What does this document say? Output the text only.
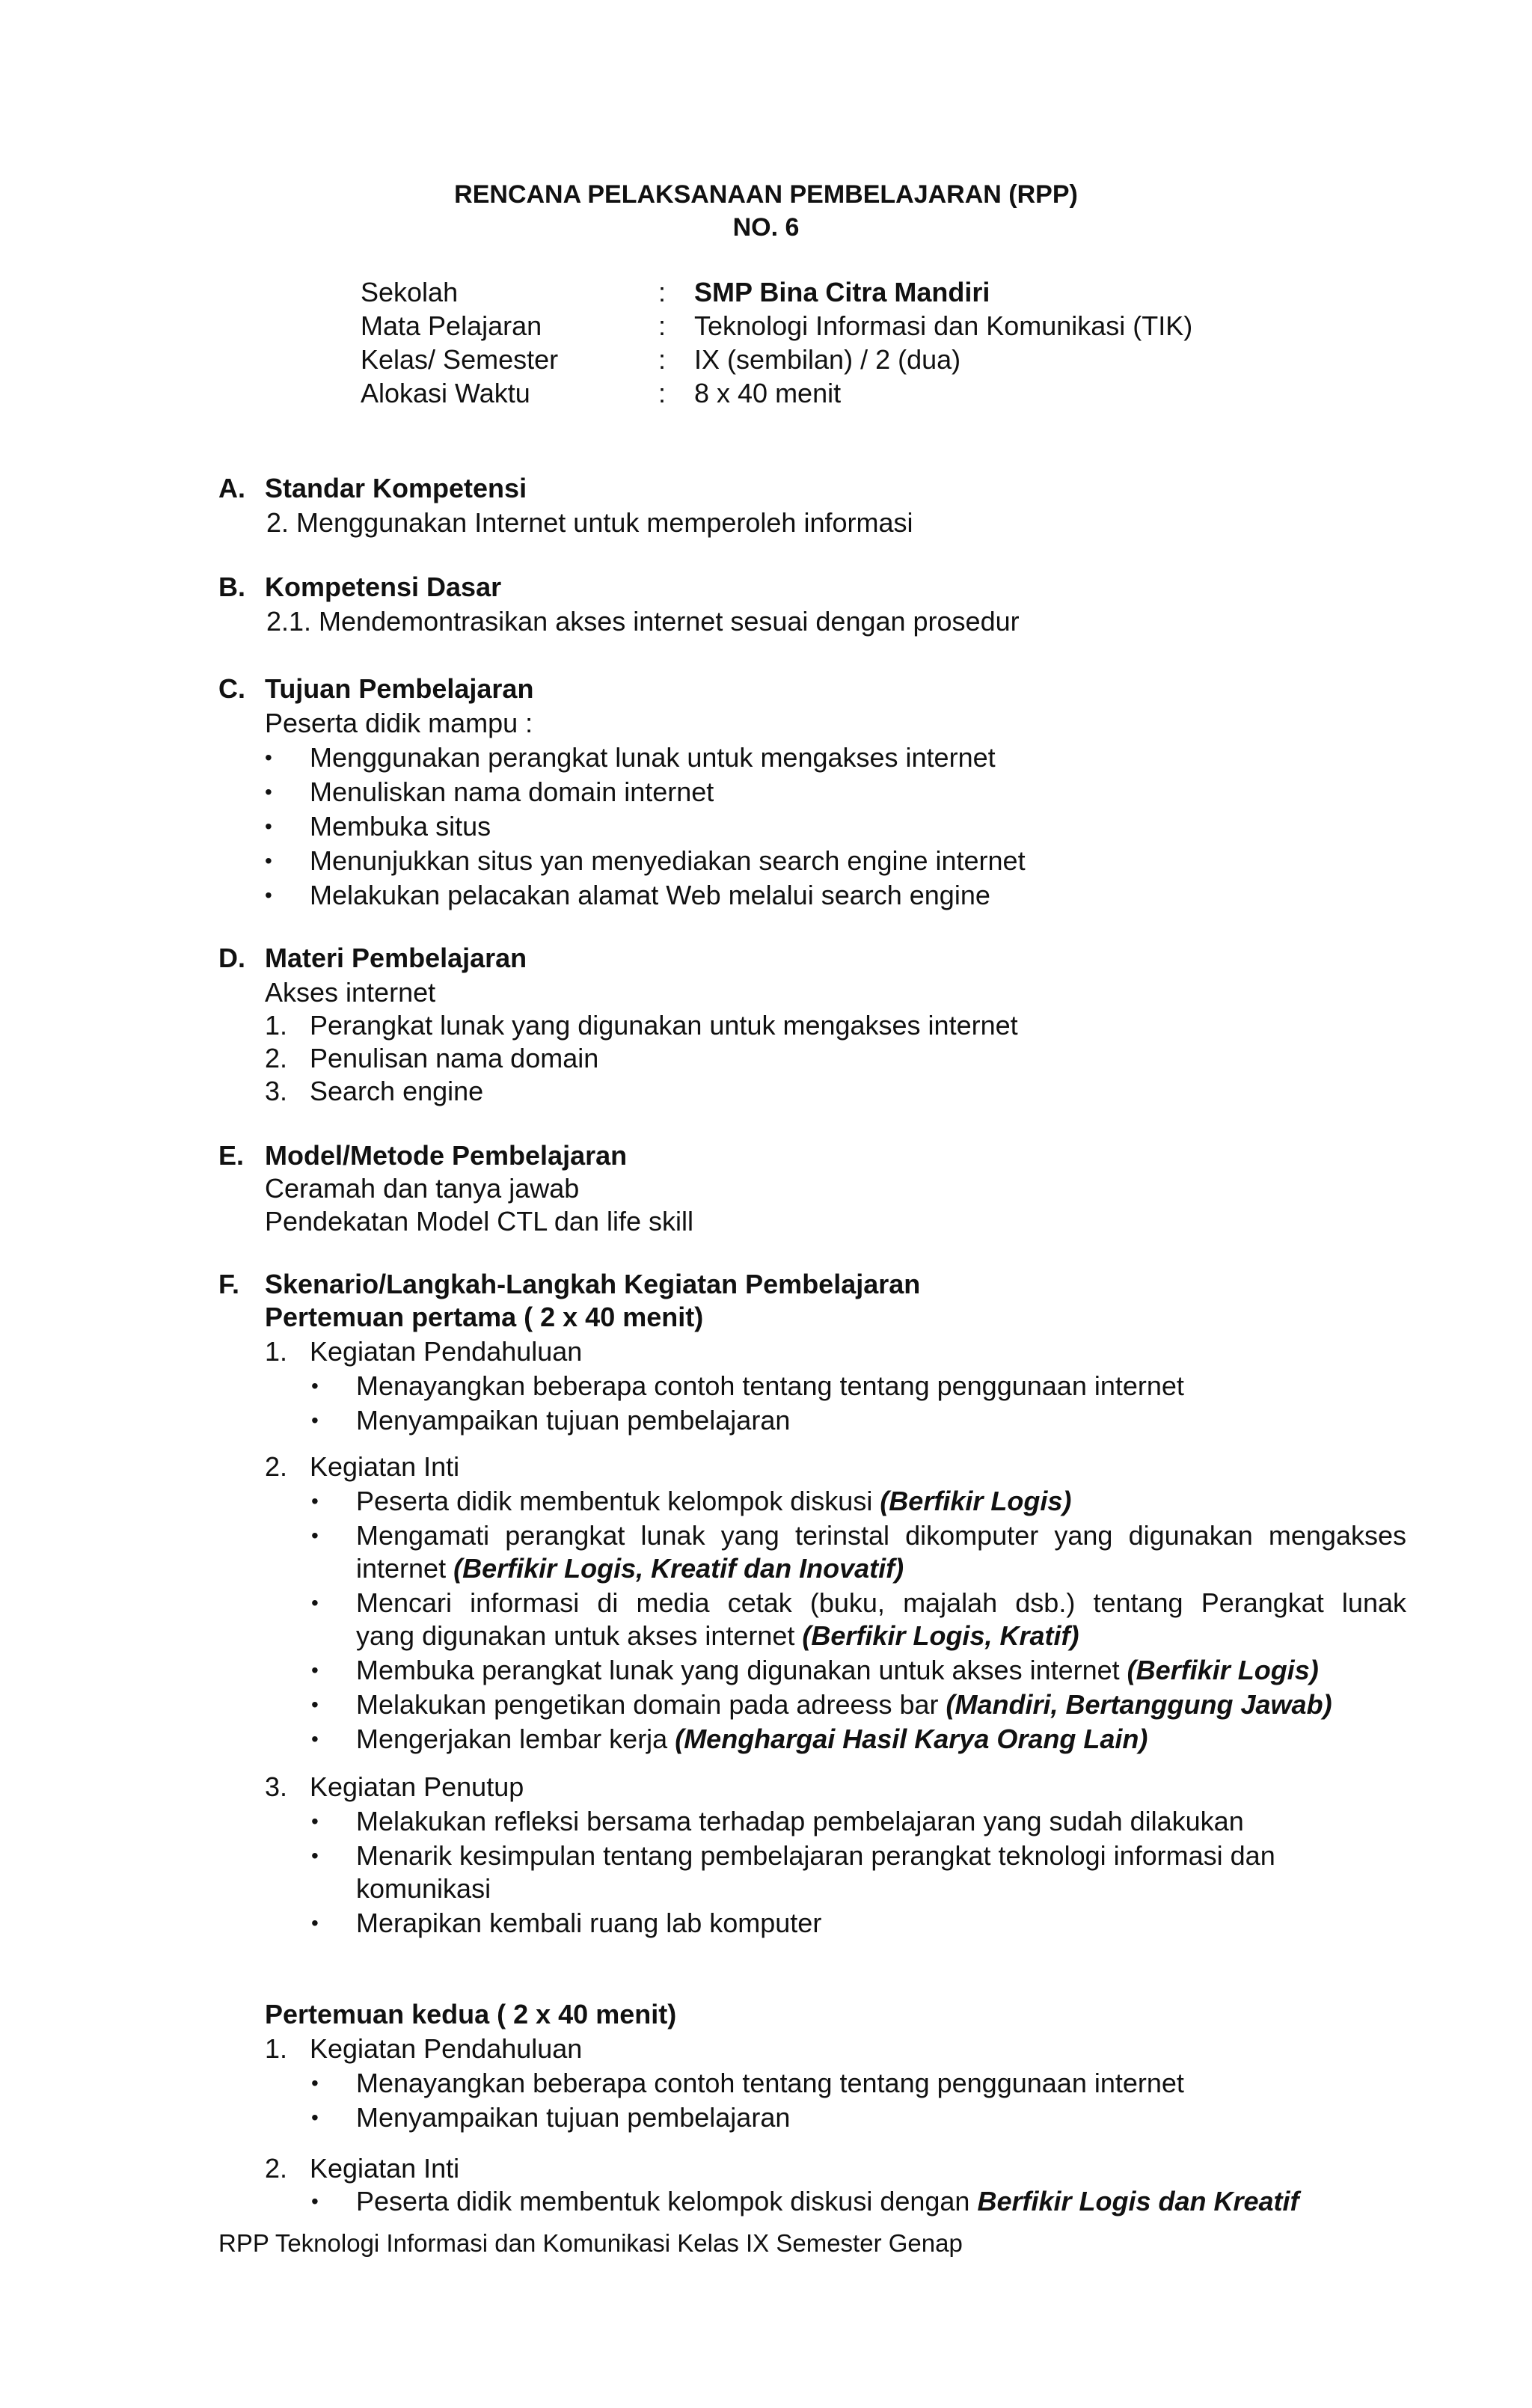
RENCANA PELAKSANAAN PEMBELAJARAN (RPP)
NO. 6
Sekolah	:	SMP Bina Citra Mandiri
Mata Pelajaran	:	Teknologi Informasi dan Komunikasi (TIK)
Kelas/ Semester	:	IX (sembilan) / 2 (dua)
Alokasi Waktu	:	8 x 40 menit
A. Standar Kompetensi
2. Menggunakan Internet untuk memperoleh informasi
B. Kompetensi Dasar
2.1. Mendemontrasikan akses internet sesuai dengan prosedur
C. Tujuan Pembelajaran
Peserta didik mampu :
• Menggunakan perangkat lunak untuk mengakses internet
• Menuliskan nama domain internet
• Membuka situs
• Menunjukkan situs yan menyediakan search engine internet
• Melakukan pelacakan alamat Web melalui search engine
D. Materi Pembelajaran
Akses internet
1. Perangkat lunak yang digunakan untuk mengakses internet
2. Penulisan nama domain
3. Search engine
E. Model/Metode Pembelajaran
Ceramah dan tanya jawab
Pendekatan Model CTL dan life skill
F. Skenario/Langkah-Langkah Kegiatan Pembelajaran
Pertemuan pertama ( 2 x 40 menit)
1. Kegiatan Pendahuluan
• Menayangkan beberapa contoh tentang tentang penggunaan internet
• Menyampaikan tujuan pembelajaran
2. Kegiatan Inti
• Peserta didik membentuk kelompok diskusi (Berfikir Logis)
• Mengamati perangkat lunak yang terinstal dikomputer yang digunakan mengakses
internet (Berfikir Logis, Kreatif dan Inovatif)
• Mencari informasi di media cetak (buku, majalah dsb.) tentang Perangkat lunak
yang digunakan untuk akses internet (Berfikir Logis, Kratif)
• Membuka perangkat lunak yang digunakan untuk akses internet (Berfikir Logis)
• Melakukan pengetikan domain pada adreess bar (Mandiri, Bertanggung Jawab)
• Mengerjakan lembar kerja (Menghargai Hasil Karya Orang Lain)
3. Kegiatan Penutup
• Melakukan refleksi bersama terhadap pembelajaran yang sudah dilakukan
• Menarik kesimpulan tentang pembelajaran perangkat teknologi informasi dan
komunikasi
• Merapikan kembali ruang lab komputer
Pertemuan kedua ( 2 x 40 menit)
1. Kegiatan Pendahuluan
• Menayangkan beberapa contoh tentang tentang penggunaan internet
• Menyampaikan tujuan pembelajaran
2. Kegiatan Inti
• Peserta didik membentuk kelompok diskusi dengan Berfikir Logis dan Kreatif
RPP Teknologi Informasi dan Komunikasi Kelas IX Semester Genap
